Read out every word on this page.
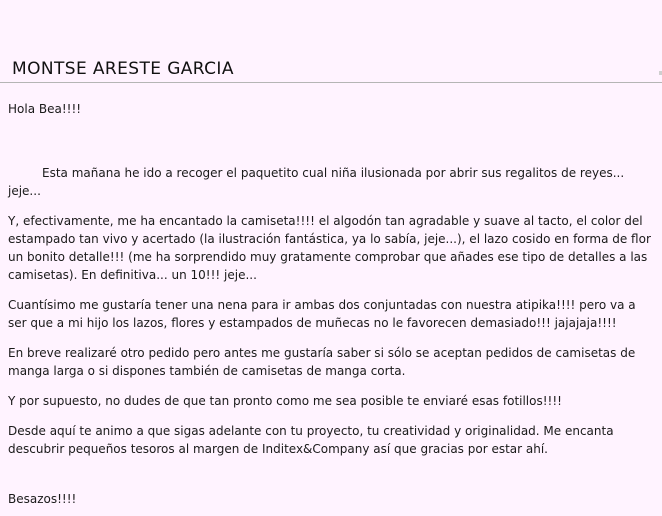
MONTSE ARESTE GARCIA

Hola Bea!!!!

Esta mañana he ido a recoger el paquetito cual niña ilusionada por abrir sus regalitos de reyes... jeje...

Y, efectivamente, me ha encantado la camiseta!!!! el algodón tan agradable y suave al tacto, el color del estampado tan vivo y acertado (la ilustración fantástica, ya lo sabía, jeje...), el lazo cosido en forma de flor un bonito detalle!!! (me ha sorprendido muy gratamente comprobar que añades ese tipo de detalles a las camisetas). En definitiva... un 10!!! jeje...

Cuantísimo me gustaría tener una nena para ir ambas dos conjuntadas con nuestra atipika!!!! pero va a ser que a mi hijo los lazos, flores y estampados de muñecas no le favorecen demasiado!!! jajajaja!!!!

En breve realizaré otro pedido pero antes me gustaría saber si sólo se aceptan pedidos de camisetas de manga larga o si dispones también de camisetas de manga corta.

Y por supuesto, no dudes de que tan pronto como me sea posible te enviaré esas fotillos!!!!

Desde aquí te animo a que sigas adelante con tu proyecto, tu creatividad y originalidad. Me encanta descubrir pequeños tesoros al margen de Inditex&Company así que gracias por estar ahí.

Besazos!!!!
